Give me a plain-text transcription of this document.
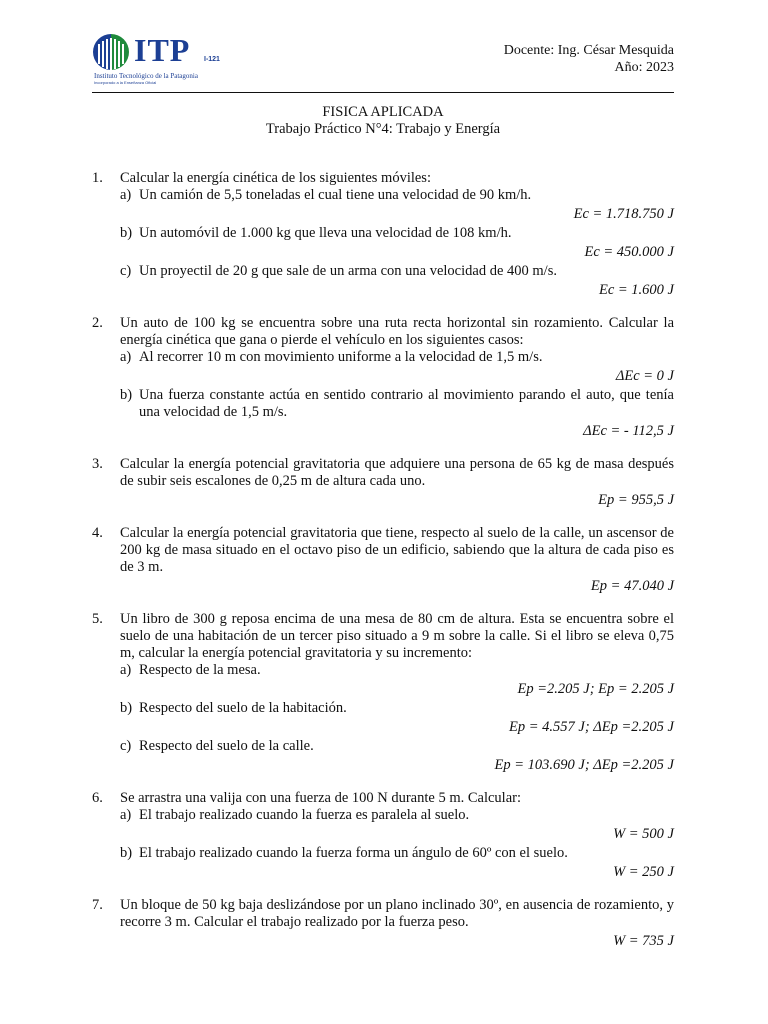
ITP I-121
Instituto Tecnológico de la Patagonia
Incorporado a la Enseñanza Oficial
Docente: Ing. César Mesquida
Año: 2023
FISICA APLICADA
Trabajo Práctico N°4: Trabajo y Energía
1. Calcular la energía cinética de los siguientes móviles:
a) Un camión de 5,5 toneladas el cual tiene una velocidad de 90 km/h.
Ec = 1.718.750 J
b) Un automóvil de 1.000 kg que lleva una velocidad de 108 km/h.
Ec = 450.000 J
c) Un proyectil de 20 g que sale de un arma con una velocidad de 400 m/s.
Ec = 1.600 J
2. Un auto de 100 kg se encuentra sobre una ruta recta horizontal sin rozamiento. Calcular la energía cinética que gana o pierde el vehículo en los siguientes casos:
a) Al recorrer 10 m con movimiento uniforme a la velocidad de 1,5 m/s.
ΔEc = 0 J
b) Una fuerza constante actúa en sentido contrario al movimiento parando el auto, que tenía una velocidad de 1,5 m/s.
ΔEc = - 112,5 J
3. Calcular la energía potencial gravitatoria que adquiere una persona de 65 kg de masa después de subir seis escalones de 0,25 m de altura cada uno.
Ep = 955,5 J
4. Calcular la energía potencial gravitatoria que tiene, respecto al suelo de la calle, un ascensor de 200 kg de masa situado en el octavo piso de un edificio, sabiendo que la altura de cada piso es de 3 m.
Ep = 47.040 J
5. Un libro de 300 g reposa encima de una mesa de 80 cm de altura. Esta se encuentra sobre el suelo de una habitación de un tercer piso situado a 9 m sobre la calle. Si el libro se eleva 0,75 m, calcular la energía potencial gravitatoria y su incremento:
a) Respecto de la mesa.
Ep =2.205 J; Ep = 2.205 J
b) Respecto del suelo de la habitación.
Ep = 4.557 J; ΔEp =2.205 J
c) Respecto del suelo de la calle.
Ep = 103.690 J; ΔEp =2.205 J
6. Se arrastra una valija con una fuerza de 100 N durante 5 m. Calcular:
a) El trabajo realizado cuando la fuerza es paralela al suelo.
W = 500 J
b) El trabajo realizado cuando la fuerza forma un ángulo de 60º con el suelo.
W = 250 J
7. Un bloque de 50 kg baja deslizándose por un plano inclinado 30º, en ausencia de rozamiento, y recorre 3 m. Calcular el trabajo realizado por la fuerza peso.
W = 735 J
